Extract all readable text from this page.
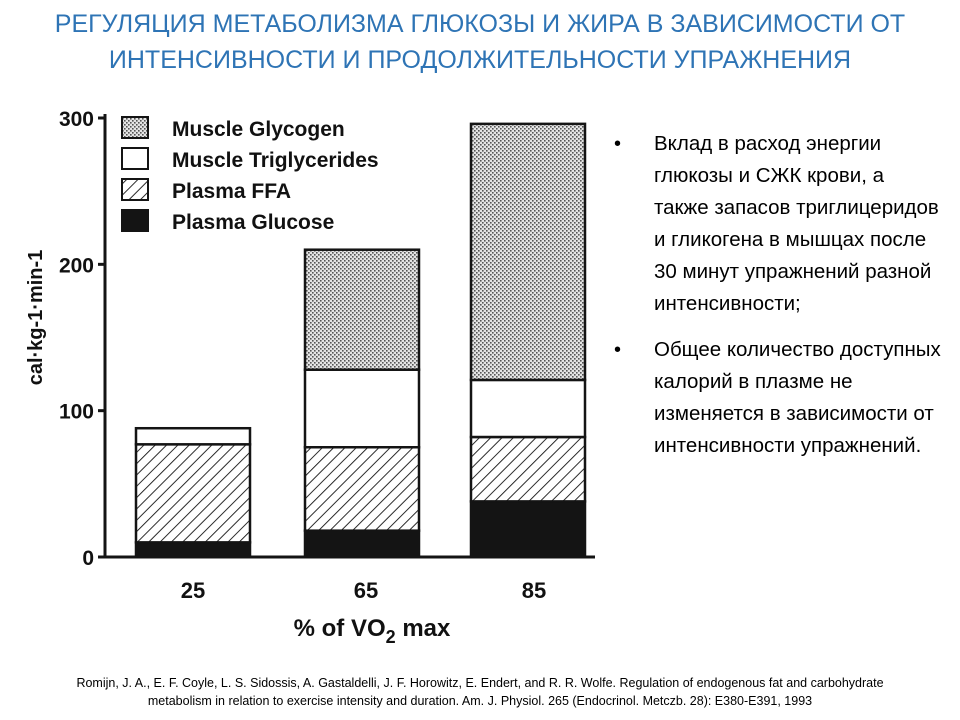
РЕГУЛЯЦИЯ МЕТАБОЛИЗМА ГЛЮКОЗЫ И ЖИРА В ЗАВИСИМОСТИ ОТ
ИНТЕНСИВНОСТИ И ПРОДОЛЖИТЕЛЬНОСТИ УПРАЖНЕНИЯ
0
100
200
300
cal·kg-1·min-1
25	65	85
% of $VO_2$ max
Muscle Glycogen
Muscle Triglycerides
Plasma FFA
Plasma Glucose
• Вклад в расход энергии глюкозы и СЖК крови, а также запасов триглицеридов и гликогена в мышцах после 30 минут упражнений разной интенсивности;
• Общее количество доступных калорий в плазме не изменяется в зависимости от интенсивности упражнений.
Romijn, J. A., E. F. Coyle, L. S. Sidossis, A. Gastaldelli, J. F. Horowitz, E. Endert, and R. R. Wolfe. Regulation of endogenous fat and carbohydrate
metabolism in relation to exercise intensity and duration. Am. J. Physiol. 265 (Endocrinol. Metczb. 28): E380-E391, 1993
